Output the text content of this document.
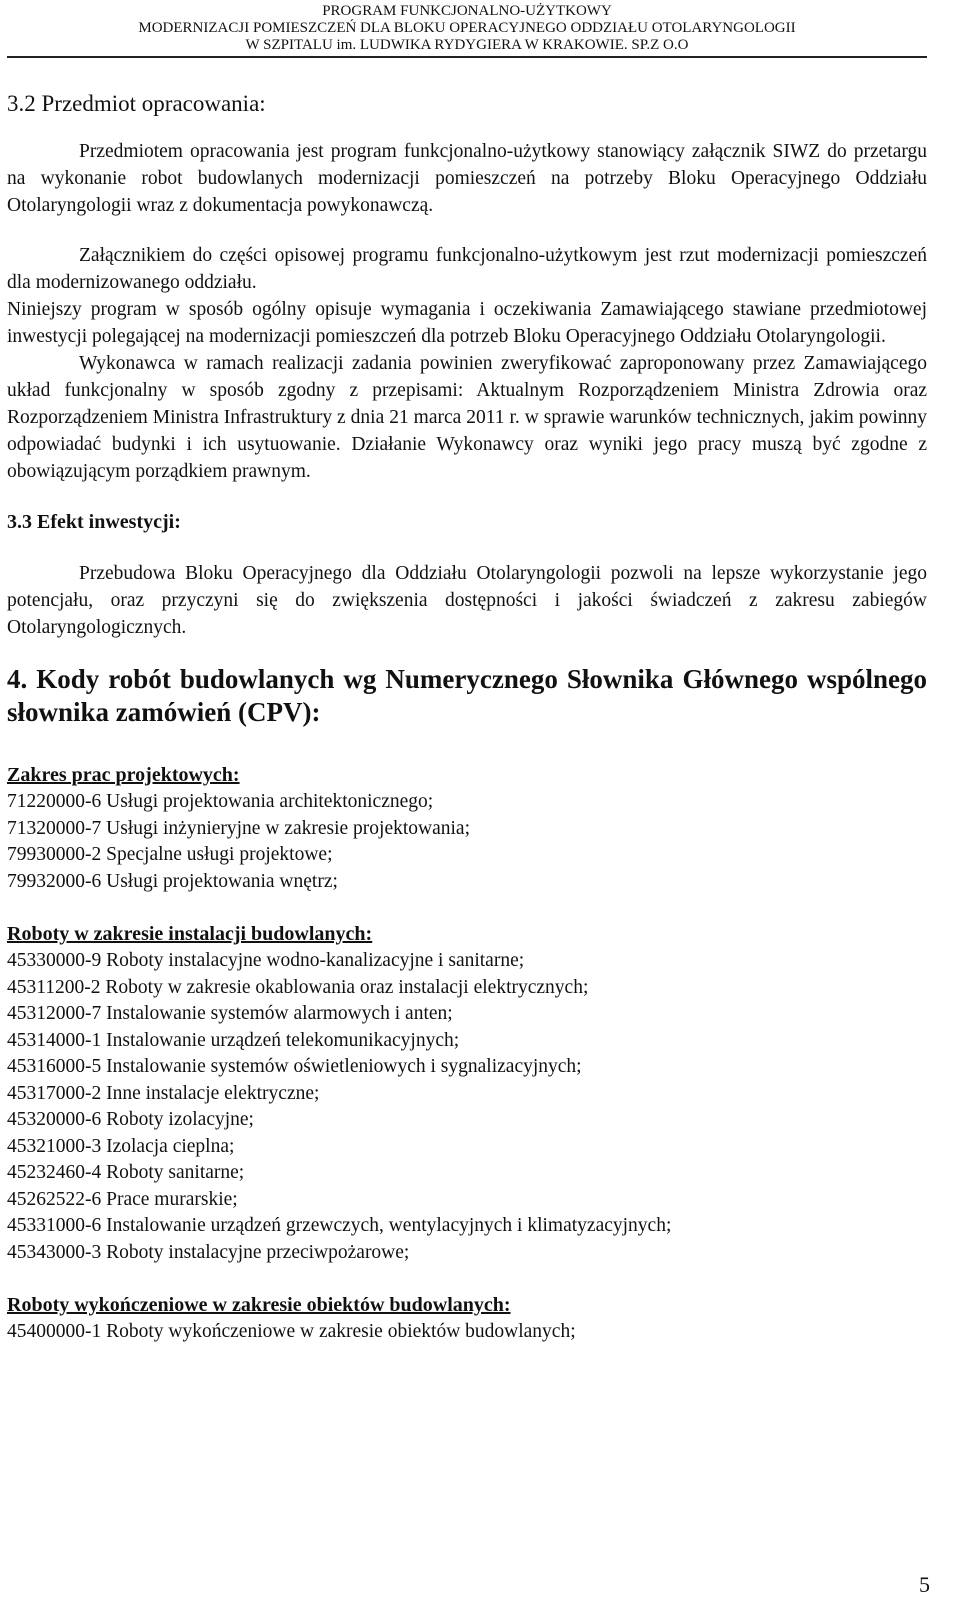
PROGRAM FUNKCJONALNO-UŻYTKOWY
MODERNIZACJI POMIESZCZEŃ DLA BLOKU OPERACYJNEGO ODDZIAŁU OTOLARYNGOLOGII
W SZPITALU im. LUDWIKA RYDYGIERA W KRAKOWIE. SP.Z O.O
3.2 Przedmiot opracowania:

Przedmiotem opracowania jest program funkcjonalno-użytkowy stanowiący załącznik SIWZ do przetargu na wykonanie robot budowlanych modernizacji pomieszczeń na potrzeby Bloku Operacyjnego Oddziału Otolaryngologii wraz z dokumentacja powykonawczą.

Załącznikiem do części opisowej programu funkcjonalno-użytkowym jest rzut modernizacji pomieszczeń dla modernizowanego oddziału.

Niniejszy program w sposób ogólny opisuje wymagania i oczekiwania Zamawiającego stawiane przedmiotowej inwestycji polegającej na modernizacji pomieszczeń dla potrzeb Bloku Operacyjnego Oddziału Otolaryngologii.

Wykonawca w ramach realizacji zadania powinien zweryfikować zaproponowany przez Zamawiającego układ funkcjonalny w sposób zgodny z przepisami: Aktualnym Rozporządzeniem Ministra Zdrowia oraz Rozporządzeniem Ministra Infrastruktury z dnia 21 marca 2011 r. w sprawie warunków technicznych, jakim powinny odpowiadać budynki i ich usytuowanie. Działanie Wykonawcy oraz wyniki jego pracy muszą być zgodne z obowiązującym porządkiem prawnym.

3.3 Efekt inwestycji:

Przebudowa Bloku Operacyjnego dla Oddziału Otolaryngologii pozwoli na lepsze wykorzystanie jego potencjału, oraz przyczyni się do zwiększenia dostępności i jakości świadczeń z zakresu zabiegów Otolaryngologicznych.

4. Kody robót budowlanych wg Numerycznego Słownika Głównego wspólnego słownika zamówień (CPV):
Zakres prac projektowych:
71220000-6 Usługi projektowania architektonicznego;
71320000-7 Usługi inżynieryjne w zakresie projektowania;
79930000-2 Specjalne usługi projektowe;
79932000-6 Usługi projektowania wnętrz;
Roboty w zakresie instalacji budowlanych:
45330000-9 Roboty instalacyjne wodno-kanalizacyjne i sanitarne;
45311200-2 Roboty w zakresie okablowania oraz instalacji elektrycznych;
45312000-7 Instalowanie systemów alarmowych i anten;
45314000-1 Instalowanie urządzeń telekomunikacyjnych;
45316000-5 Instalowanie systemów oświetleniowych i sygnalizacyjnych;
45317000-2 Inne instalacje elektryczne;
45320000-6 Roboty izolacyjne;
45321000-3 Izolacja cieplna;
45232460-4 Roboty sanitarne;
45262522-6 Prace murarskie;
45331000-6 Instalowanie urządzeń grzewczych, wentylacyjnych i klimatyzacyjnych;
45343000-3 Roboty instalacyjne przeciwpożarowe;
Roboty wykończeniowe w zakresie obiektów budowlanych:
45400000-1 Roboty wykończeniowe w zakresie obiektów budowlanych;
5
